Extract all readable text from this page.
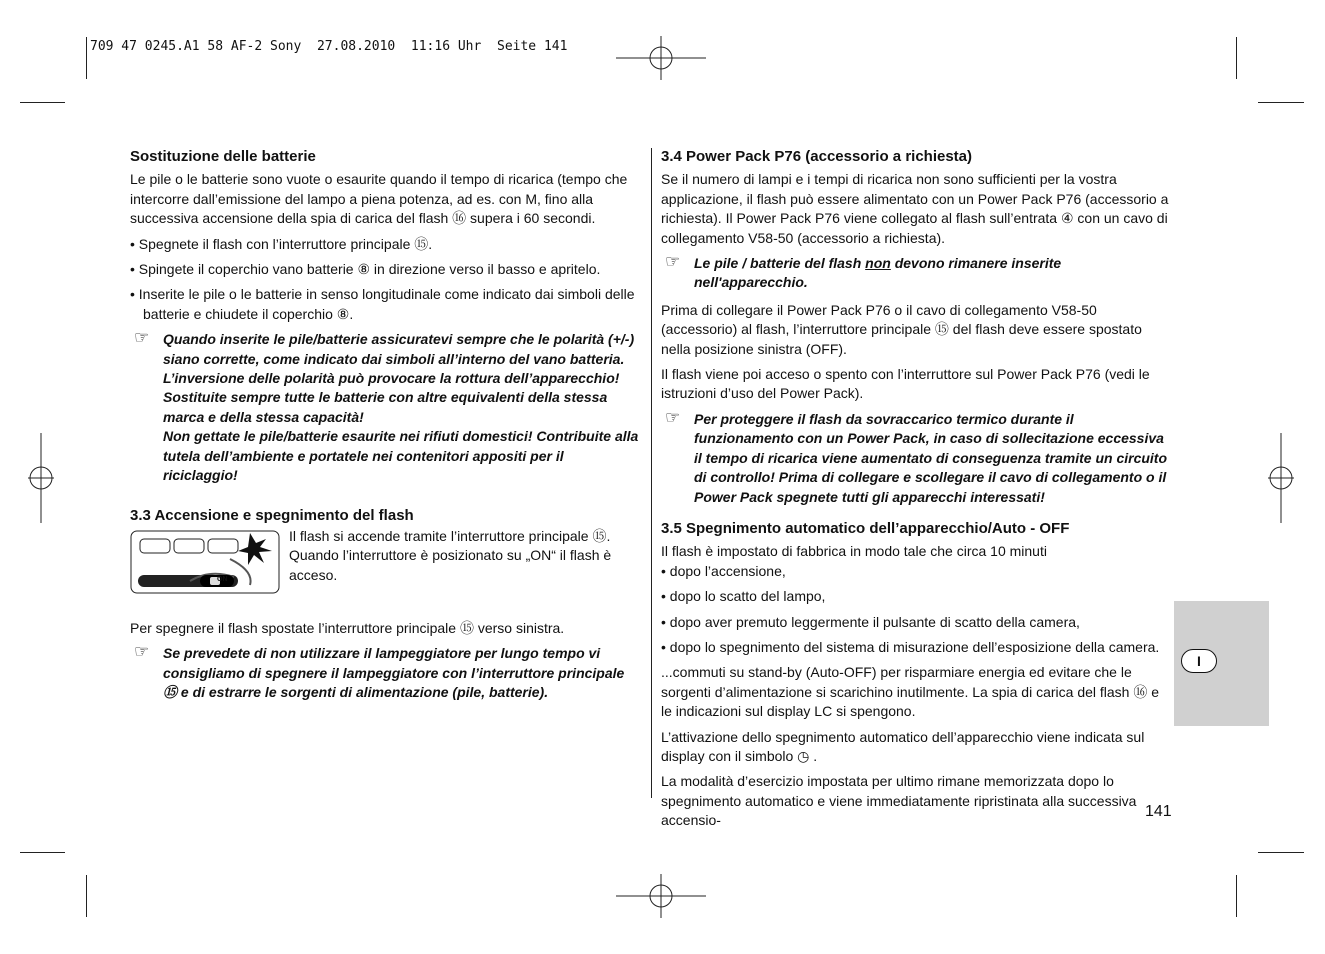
709 47 0245.A1 58 AF-2 Sony  27.08.2010  11:16 Uhr  Seite 141
Sostituzione delle batterie

Le pile o le batterie sono vuote o esaurite quando il tempo di ricarica (tempo che intercorre dall’emissione del lampo a piena potenza, ad es. con M, fino alla successiva accensione della spia di carica del flash ⑯ supera i 60 secondi.

• Spegnete il flash con l’interruttore principale ⑮.

• Spingete il coperchio vano batterie ⑧ in direzione verso il basso e apritelo.

• Inserite le pile o le batterie in senso longitudinale come indicato dai simboli delle batterie e chiudete il coperchio ⑧.

☞ Quando inserite le pile/batterie assicuratevi sempre che le polarità (+/-) siano corrette, come indicato dai simboli all’interno del vano batteria. L’inversione delle polarità può provocare la rottura dell’apparecchio! Sostituite sempre tutte le batterie con altre equivalenti della stessa marca e della stessa capacità!
Non gettate le pile/batterie esaurite nei rifiuti domestici! Contribuite alla tutela dell’ambiente e portatele nei contenitori appositi per il riciclaggio!
3.3 Accensione e spegnimento del flash
ON
Il flash si accende tramite l’interruttore principale ⑮. Quando l’interruttore è posizionato su „ON“ il flash è acceso.

Per spegnere il flash spostate l’interruttore principale ⑮ verso sinistra.

☞ Se prevedete di non utilizzare il lampeggiatore per lungo tempo vi consigliamo di spegnere il lampeggiatore con l’interruttore principale ⑮ e di estrarre le sorgenti di alimentazione (pile, batterie).
3.4 Power Pack P76 (accessorio a richiesta)

Se il numero di lampi e i tempi di ricarica non sono sufficienti per la vostra applicazione, il flash può essere alimentato con un Power Pack P76 (accessorio a richiesta). Il Power Pack P76 viene collegato al flash sull’entrata ④ con un cavo di collegamento V58-50 (accessorio a richiesta).

☞ Le pile / batterie del flash non devono rimanere inserite nell'apparecchio.

Prima di collegare il Power Pack P76 o il cavo di collegamento V58-50 (accessorio) al flash, l’interruttore principale ⑮ del flash deve essere spostato nella posizione sinistra (OFF).

Il flash viene poi acceso o spento con l’interruttore sul Power Pack P76 (vedi le istruzioni d’uso del Power Pack).

☞ Per proteggere il flash da sovraccarico termico durante il funzionamento con un Power Pack, in caso di sollecitazione eccessiva il tempo di ricarica viene aumentato di conseguenza tramite un circuito di controllo! Prima di collegare e scollegare il cavo di collegamento o il Power Pack spegnete tutti gli apparecchi interessati!
3.5 Spegnimento automatico dell’apparecchio/Auto - OFF

Il flash è impostato di fabbrica in modo tale che circa 10 minuti

• dopo l’accensione,

• dopo lo scatto del lampo,

• dopo aver premuto leggermente il pulsante di scatto della camera,

• dopo lo spegnimento del sistema di misurazione dell’esposizione della camera.

...commuti su stand-by (Auto-OFF) per risparmiare energia ed evitare che le sorgenti d’alimentazione si scarichino inutilmente. La spia di carica del flash ⑯ e le indicazioni sul display LC si spengono.

L’attivazione dello spegnimento automatico dell’apparecchio viene indicata sul display con il simbolo ◷ .

La modalità d’esercizio impostata per ultimo rimane memorizzata dopo lo spegnimento automatico e viene immediatamente ripristinata alla successiva accensio-

I
141
